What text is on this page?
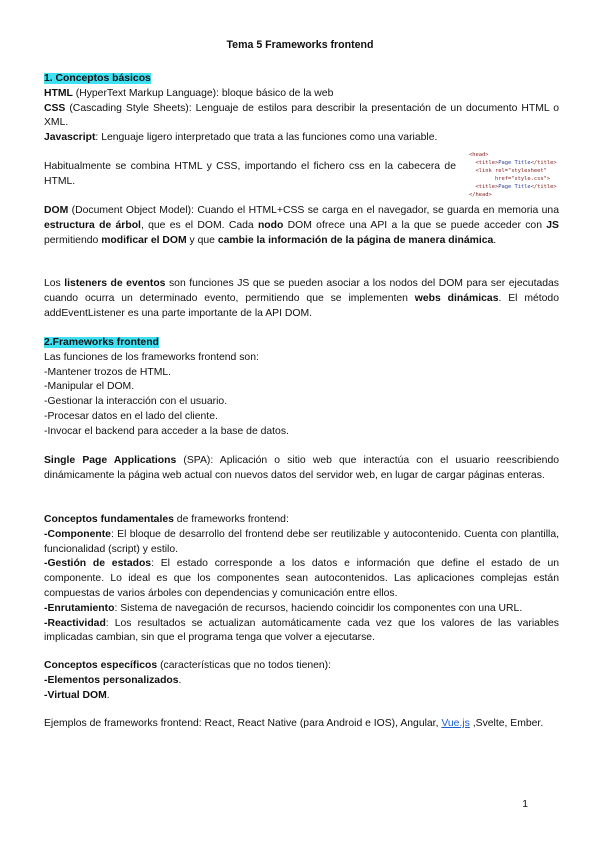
Tema 5 Frameworks frontend

1. Conceptos básicos

HTML (HyperText Markup Language): bloque básico de la web

CSS (Cascading Style Sheets): Lenguaje de estilos para describir la presentación de un documento HTML o XML.

Javascript: Lenguaje ligero interpretado que trata a las funciones como una variable.

Habitualmente se combina HTML y CSS, importando el fichero css en la cabecera de HTML.

<head>
<title>Page Title</title>
<link rel="stylesheet"
href="style.css">
<title>Page Title</title>
</head>

DOM (Document Object Model): Cuando el HTML+CSS se carga en el navegador, se guarda en memoria una estructura de árbol, que es el DOM. Cada nodo DOM ofrece una API a la que se puede acceder con JS permitiendo modificar el DOM y que cambie la información de la página de manera dinámica.

Los listeners de eventos son funciones JS que se pueden asociar a los nodos del DOM para ser ejecutadas cuando ocurra un determinado evento, permitiendo que se implementen webs dinámicas. El método addEventListener es una parte importante de la API DOM.

2.Frameworks frontend

Las funciones de los frameworks frontend son:

-Mantener trozos de HTML.

-Manipular el DOM.

-Gestionar la interacción con el usuario.

-Procesar datos en el lado del cliente.

-Invocar el backend para acceder a la base de datos.

Single Page Applications (SPA): Aplicación o sitio web que interactúa con el usuario reescribiendo dinámicamente la página web actual con nuevos datos del servidor web, en lugar de cargar páginas enteras.

Conceptos fundamentales de frameworks frontend:

-Componente: El bloque de desarrollo del frontend debe ser reutilizable y autocontenido. Cuenta con plantilla, funcionalidad (script) y estilo.

-Gestión de estados: El estado corresponde a los datos e información que define el estado de un componente. Lo ideal es que los componentes sean autocontenidos. Las aplicaciones complejas están compuestas de varios árboles con dependencias y comunicación entre ellos.

-Enrutamiento: Sistema de navegación de recursos, haciendo coincidir los componentes con una URL.

-Reactividad: Los resultados se actualizan automáticamente cada vez que los valores de las variables implicadas cambian, sin que el programa tenga que volver a ejecutarse.

Conceptos específicos (características que no todos tienen):

-Elementos personalizados.

-Virtual DOM.

Ejemplos de frameworks frontend: React, React Native (para Android e IOS), Angular, Vue.js ,Svelte, Ember.

1
